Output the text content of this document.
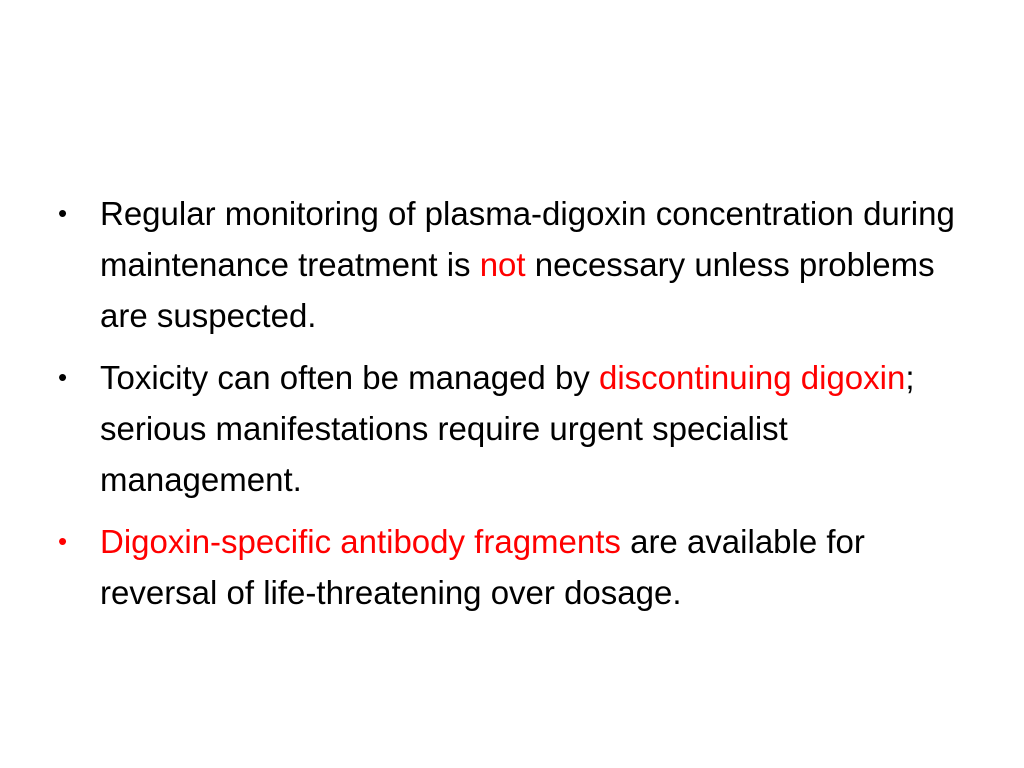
• Regular monitoring of plasma-digoxin concentration during maintenance treatment is not necessary unless problems are suspected.
• Toxicity can often be managed by discontinuing digoxin; serious manifestations require urgent specialist management.
• Digoxin-specific antibody fragments are available for reversal of life-threatening over dosage.
